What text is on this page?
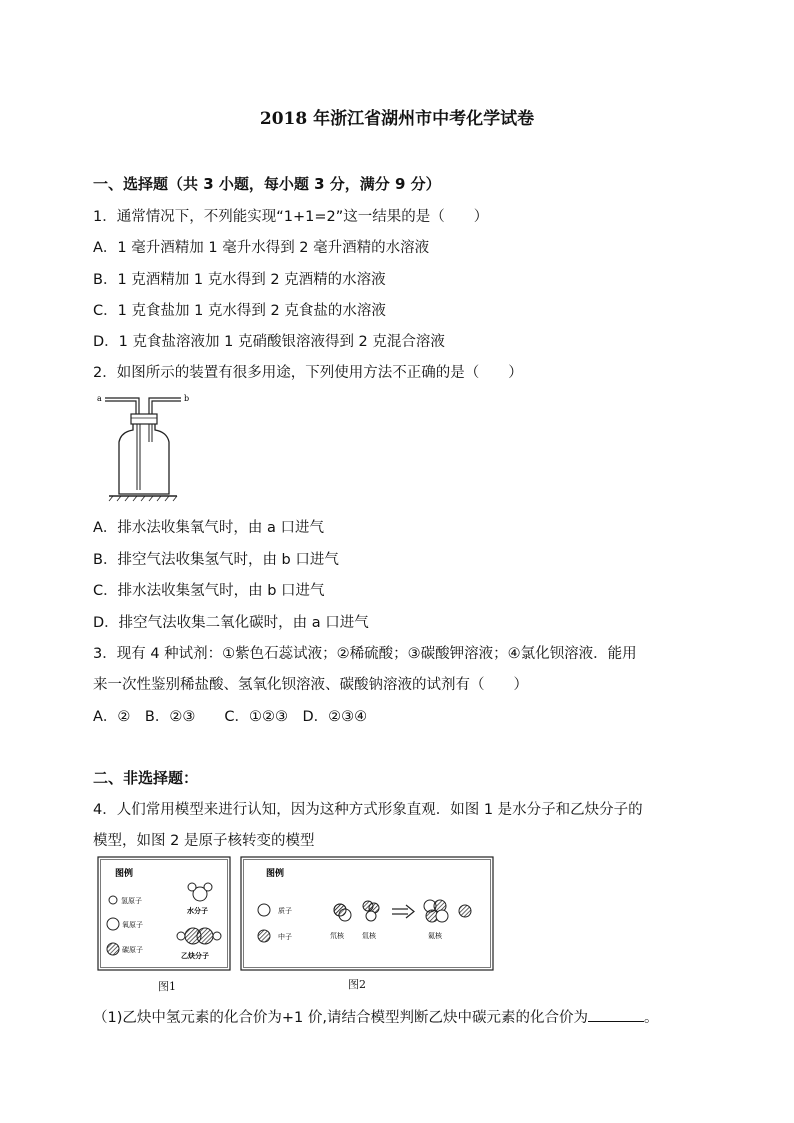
2018 年浙江省湖州市中考化学试卷
一、选择题（共 3 小题，每小题 3 分，满分 9 分）
1．通常情况下，不列能实现“1+1=2”这一结果的是（　　）
A．1 毫升酒精加 1 毫升水得到 2 毫升酒精的水溶液
B．1 克酒精加 1 克水得到 2 克酒精的水溶液
C．1 克食盐加 1 克水得到 2 克食盐的水溶液
D．1 克食盐溶液加 1 克硝酸银溶液得到 2 克混合溶液
2．如图所示的装置有很多用途，下列使用方法不正确的是（　　）
a	b
A．排水法收集氧气时，由 a 口进气
B．排空气法收集氢气时，由 b 口进气
C．排水法收集氢气时，由 b 口进气
D．排空气法收集二氧化碳时，由 a 口进气
3．现有 4 种试剂：①紫色石蕊试液；②稀硫酸；③碳酸钾溶液；④氯化钡溶液．能用
来一次性鉴别稀盐酸、氢氧化钡溶液、碳酸钠溶液的试剂有（　　）
A．②　B．②③　　C．①②③　D．②③④
二、非选择题：
4．人们常用模型来进行认知，因为这种方式形象直观．如图 1 是水分子和乙炔分子的
模型，如图 2 是原子核转变的模型
图例
氢原子
氧原子
碳原子
水分子
乙炔分子
图1
图例
质子
中子	氘核	氚核	氦核
图2
（1)乙炔中氢元素的化合价为+1 价,请结合模型判断乙炔中碳元素的化合价为	。
